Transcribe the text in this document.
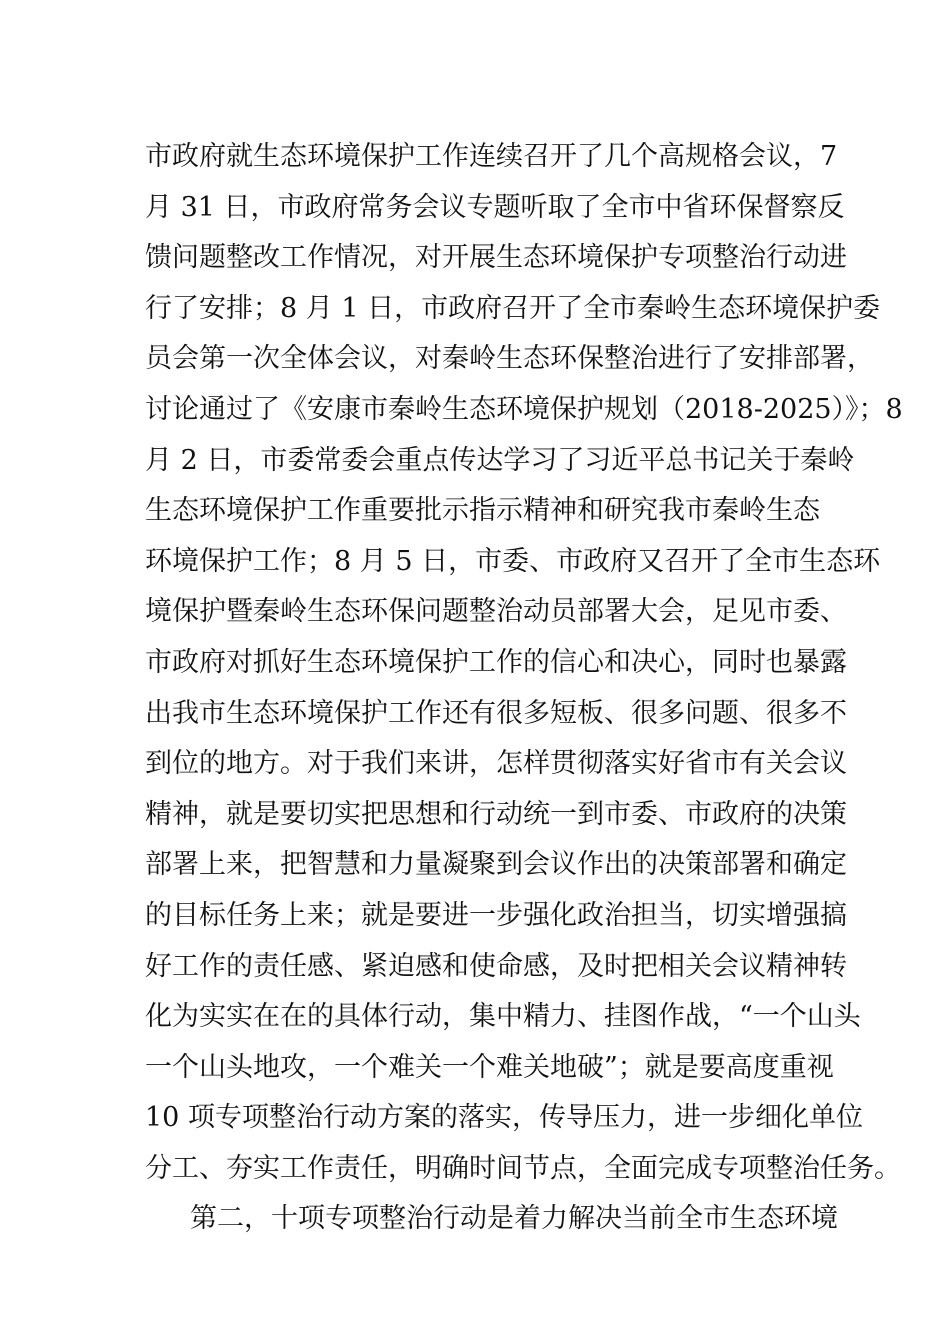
市政府就生态环境保护工作连续召开了几个高规格会议，7
月 31 日，市政府常务会议专题听取了全市中省环保督察反
馈问题整改工作情况，对开展生态环境保护专项整治行动进
行了安排；8 月 1 日，市政府召开了全市秦岭生态环境保护委
员会第一次全体会议，对秦岭生态环保整治进行了安排部署，
讨论通过了《安康市秦岭生态环境保护规划（2018-2025）》；8
月 2 日，市委常委会重点传达学习了习近平总书记关于秦岭
生态环境保护工作重要批示指示精神和研究我市秦岭生态
环境保护工作；8 月 5 日，市委、市政府又召开了全市生态环
境保护暨秦岭生态环保问题整治动员部署大会，足见市委、
市政府对抓好生态环境保护工作的信心和决心，同时也暴露
出我市生态环境保护工作还有很多短板、很多问题、很多不
到位的地方。对于我们来讲，怎样贯彻落实好省市有关会议
精神，就是要切实把思想和行动统一到市委、市政府的决策
部署上来，把智慧和力量凝聚到会议作出的决策部署和确定
的目标任务上来；就是要进一步强化政治担当，切实增强搞
好工作的责任感、紧迫感和使命感，及时把相关会议精神转
化为实实在在的具体行动，集中精力、挂图作战，“一个山头
一个山头地攻，一个难关一个难关地破”；就是要高度重视
10 项专项整治行动方案的落实，传导压力，进一步细化单位
分工、夯实工作责任，明确时间节点，全面完成专项整治任务。
第二，十项专项整治行动是着力解决当前全市生态环境
